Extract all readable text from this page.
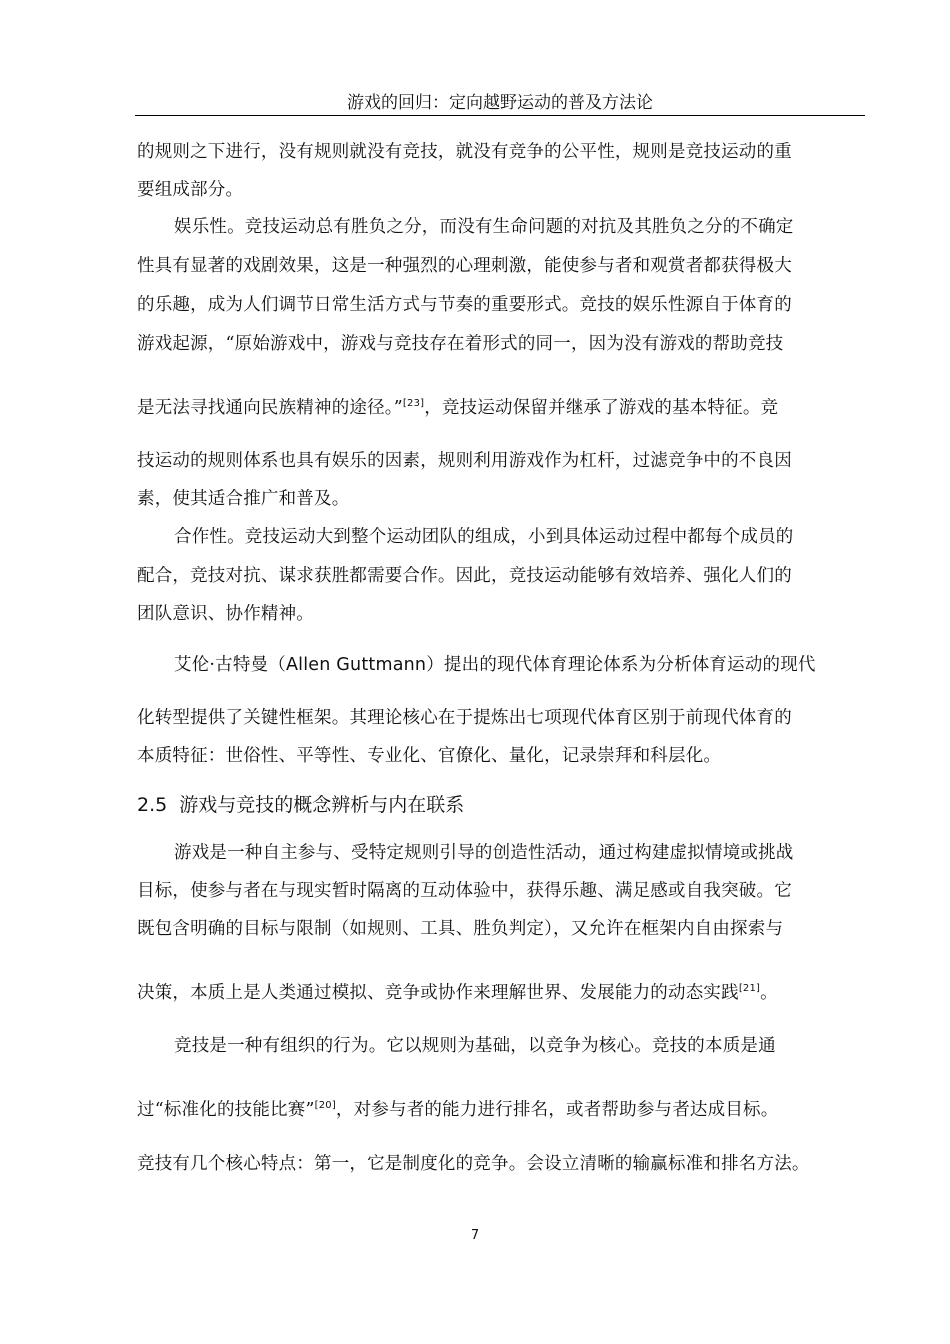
游戏的回归：定向越野运动的普及方法论
的规则之下进行，没有规则就没有竞技，就没有竞争的公平性，规则是竞技运动的重
要组成部分。
娱乐性。竞技运动总有胜负之分，而没有生命问题的对抗及其胜负之分的不确定
性具有显著的戏剧效果，这是一种强烈的心理刺激，能使参与者和观赏者都获得极大
的乐趣，成为人们调节日常生活方式与节奏的重要形式。竞技的娱乐性源自于体育的
游戏起源，“原始游戏中，游戏与竞技存在着形式的同一，因为没有游戏的帮助竞技
是无法寻找通向民族精神的途径。”[23]，竞技运动保留并继承了游戏的基本特征。竞
技运动的规则体系也具有娱乐的因素，规则利用游戏作为杠杆，过滤竞争中的不良因
素，使其适合推广和普及。
合作性。竞技运动大到整个运动团队的组成，小到具体运动过程中都每个成员的
配合，竞技对抗、谋求获胜都需要合作。因此，竞技运动能够有效培养、强化人们的
团队意识、协作精神。
艾伦·古特曼（Allen Guttmann）提出的现代体育理论体系为分析体育运动的现代
化转型提供了关键性框架。其理论核心在于提炼出七项现代体育区别于前现代体育的
本质特征：世俗性、平等性、专业化、官僚化、量化，记录崇拜和科层化。
2.5 游戏与竞技的概念辨析与内在联系
游戏是一种自主参与、受特定规则引导的创造性活动，通过构建虚拟情境或挑战
目标，使参与者在与现实暂时隔离的互动体验中，获得乐趣、满足感或自我突破。它
既包含明确的目标与限制（如规则、工具、胜负判定），又允许在框架内自由探索与
决策，本质上是人类通过模拟、竞争或协作来理解世界、发展能力的动态实践[21]。
竞技是一种有组织的行为。它以规则为基础，以竞争为核心。竞技的本质是通
过“标准化的技能比赛”[20]，对参与者的能力进行排名，或者帮助参与者达成目标。
竞技有几个核心特点：第一，它是制度化的竞争。会设立清晰的输赢标准和排名方法。
7
